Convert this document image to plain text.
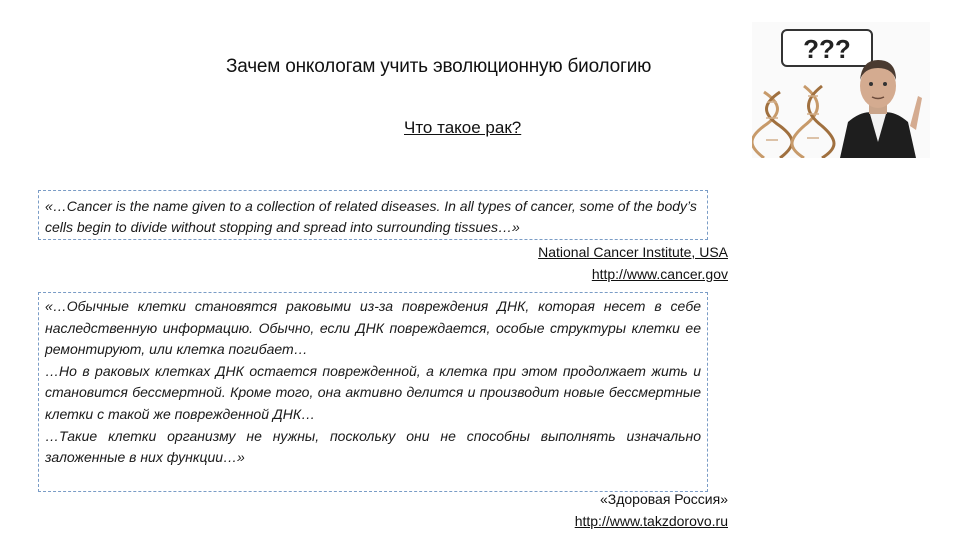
Зачем онкологам учить эволюционную биологию
Что такое рак?
«…Cancer is the name given to a collection of related diseases. In all types of cancer, some of the body’s cells begin to divide without stopping and spread into surrounding tissues…»
National Cancer Institute, USA
http://www.cancer.gov

«…Обычные клетки становятся раковыми из-за повреждения ДНК, которая несет в себе наследственную информацию. Обычно, если ДНК повреждается, особые структуры клетки ее ремонтируют, или клетка погибает…

…Но в раковых клетках ДНК остается поврежденной, а клетка при этом продолжает жить и становится бессмертной. Кроме того, она активно делится и производит новые бессмертные клетки с такой же поврежденной ДНК…

…Такие клетки организму не нужны, поскольку они не способны выполнять изначально заложенные в них функции…»

«Здоровая Россия»
http://www.takzdorovo.ru
???
